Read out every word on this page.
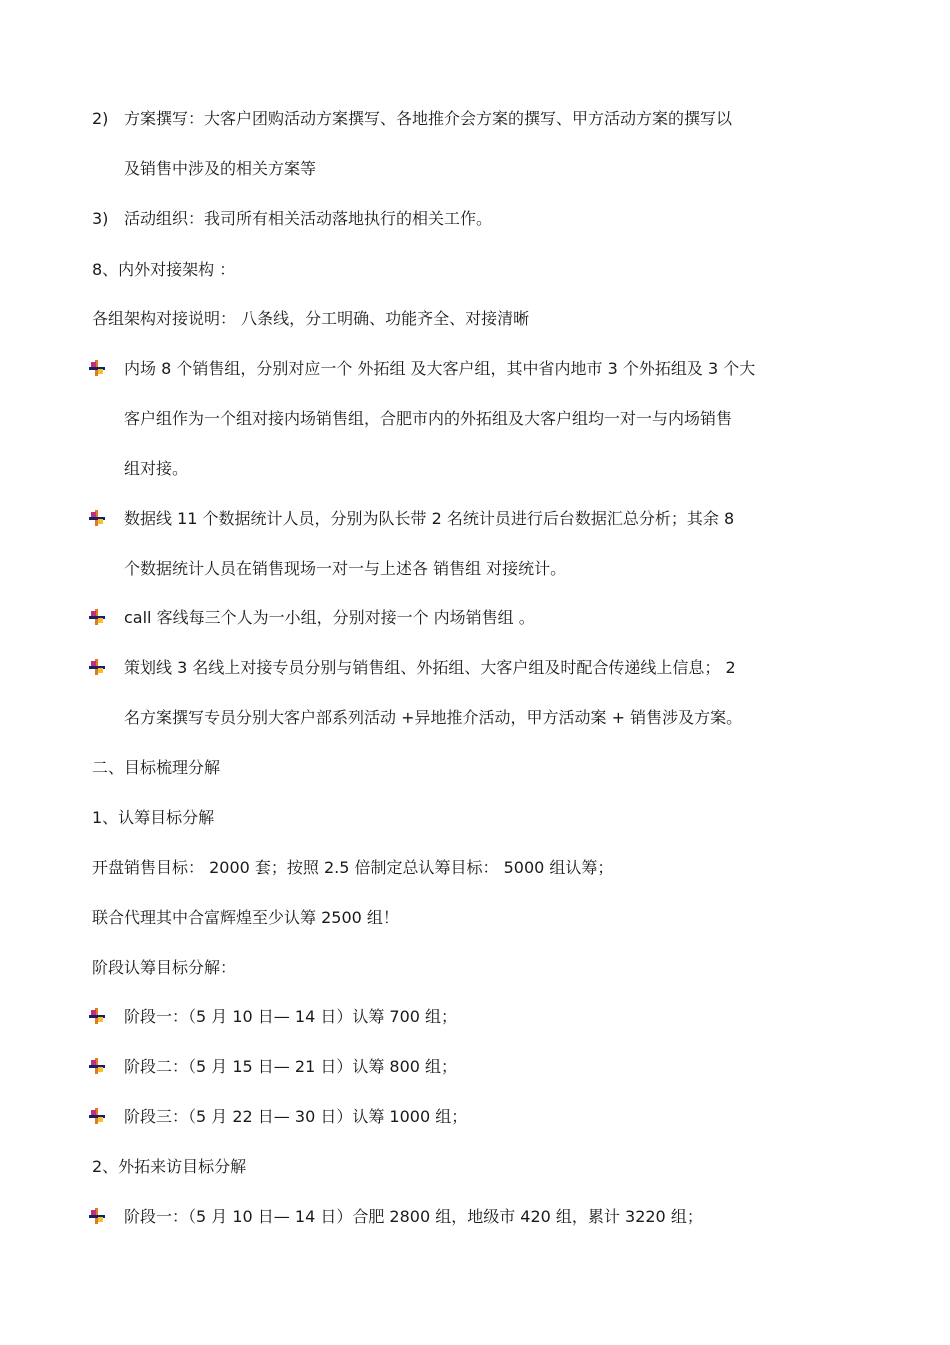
2) 方案撰写：大客户团购活动方案撰写、各地推介会方案的撰写、甲方活动方案的撰写以
及销售中涉及的相关方案等
3) 活动组织：我司所有相关活动落地执行的相关工作。
8、内外对接架构 ：
各组架构对接说明： 八条线，分工明确、功能齐全、对接清晰
内场 8 个销售组，分别对应一个 外拓组 及大客户组，其中省内地市 3 个外拓组及 3 个大
客户组作为一个组对接内场销售组，合肥市内的外拓组及大客户组均一对一与内场销售
组对接。
数据线 11 个数据统计人员，分别为队长带 2 名统计员进行后台数据汇总分析；其余 8
个数据统计人员在销售现场一对一与上述各 销售组 对接统计。
call 客线每三个人为一小组，分别对接一个 内场销售组 。
策划线 3 名线上对接专员分别与销售组、外拓组、大客户组及时配合传递线上信息； 2
名方案撰写专员分别大客户部系列活动 +异地推介活动，甲方活动案 + 销售涉及方案。
二、目标梳理分解
1、认筹目标分解
开盘销售目标： 2000 套；按照 2.5 倍制定总认筹目标： 5000 组认筹；
联合代理其中合富辉煌至少认筹 2500 组！
阶段认筹目标分解：
阶段一：（5 月 10 日— 14 日）认筹 700 组；
阶段二：（5 月 15 日— 21 日）认筹 800 组；
阶段三：（5 月 22 日— 30 日）认筹 1000 组；
2、外拓来访目标分解
阶段一：（5 月 10 日— 14 日）合肥 2800 组，地级市 420 组，累计 3220 组；
